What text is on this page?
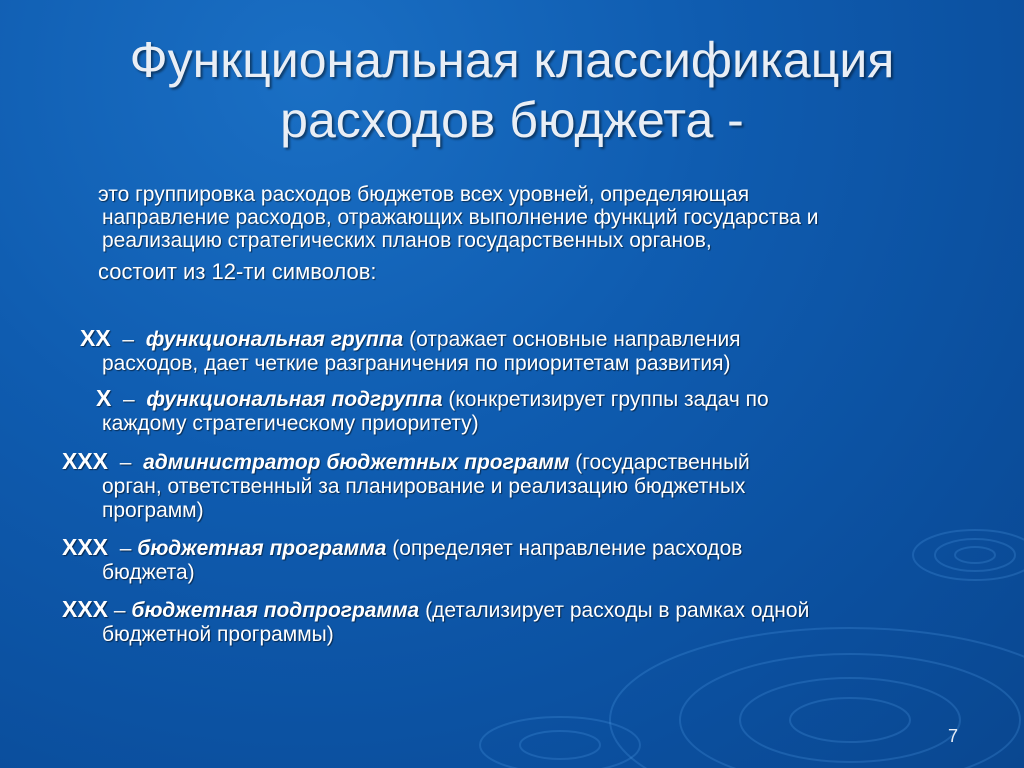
Функциональная классификация
расходов бюджета -
это группировка расходов бюджетов всех уровней, определяющая
направление расходов, отражающих выполнение функций государства и
реализацию стратегических планов государственных органов,
состоит из 12-ти символов:
XX – функциональная группа (отражает основные направления
расходов, дает четкие разграничения по приоритетам развития)
X – функциональная подгруппа (конкретизирует группы задач по
каждому стратегическому приоритету)
XXX – администратор бюджетных программ (государственный
орган, ответственный за планирование и реализацию бюджетных
программ)
XXX – бюджетная программа (определяет направление расходов
бюджета)
XXX – бюджетная подпрограмма (детализирует расходы в рамках одной
бюджетной программы)
7
